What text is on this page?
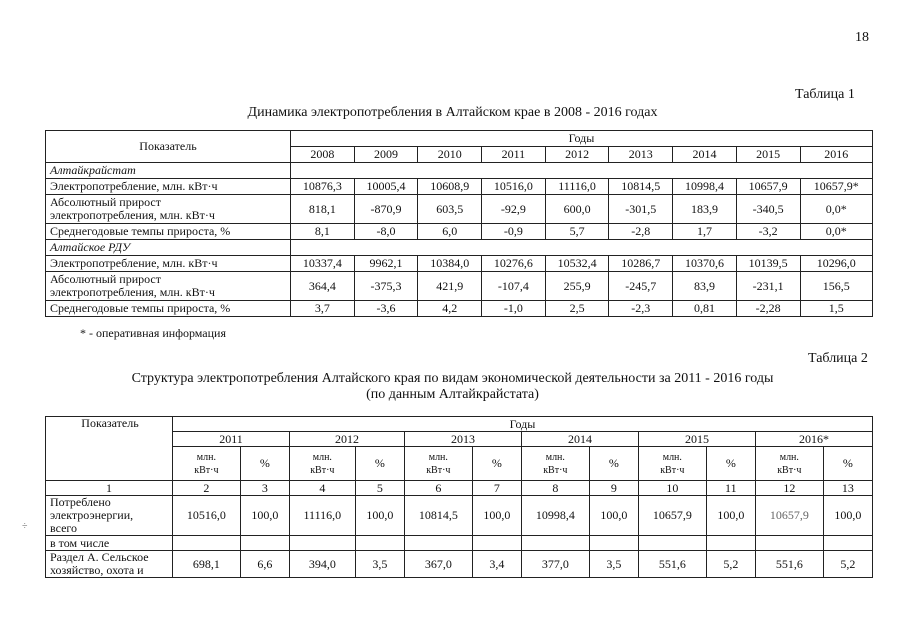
18
Таблица 1
Динамика электропотребления в Алтайском крае в 2008 - 2016 годах
Показатель	Годы								
	2008	2009	2010	2011	2012	2013	2014	2015	2016
Алтайкрайстат									
Электропотребление, млн. кВт·ч	10876,3	10005,4	10608,9	10516,0	11116,0	10814,5	10998,4	10657,9	10657,9*
Абсолютный прирост
электропотребления, млн. кВт·ч	818,1	-870,9	603,5	-92,9	600,0	-301,5	183,9	-340,5	0,0*
Среднегодовые темпы прироста, %	8,1	-8,0	6,0	-0,9	5,7	-2,8	1,7	-3,2	0,0*
Алтайское РДУ									
Электропотребление, млн. кВт·ч	10337,4	9962,1	10384,0	10276,6	10532,4	10286,7	10370,6	10139,5	10296,0
Абсолютный прирост
электропотребления, млн. кВт·ч	364,4	-375,3	421,9	-107,4	255,9	-245,7	83,9	-231,1	156,5
Среднегодовые темпы прироста, %	3,7	-3,6	4,2	-1,0	2,5	-2,3	0,81	-2,28	1,5
* - оперативная информация
Таблица 2
Структура электропотребления Алтайского края по видам экономической деятельности за 2011 - 2016 годы
(по данным Алтайкрайстата)
Показатель	Годы											
	2011		2012		2013		2014		2015		2016*	
	млн.
кВт·ч	%	млн.
кВт·ч	%	млн.
кВт·ч	%	млн.
кВт·ч	%	млн.
кВт·ч	%	млн.
кВт·ч	%
1	2	3	4	5	6	7	8	9	10	11	12	13
Потреблено
электроэнергии,
всего	10516,0	100,0	11116,0	100,0	10814,5	100,0	10998,4	100,0	10657,9	100,0	10657,9	100,0
в том числе												
Раздел А. Сельское
хозяйство, охота и	698,1	6,6	394,0	3,5	367,0	3,4	377,0	3,5	551,6	5,2	551,6	5,2
÷
